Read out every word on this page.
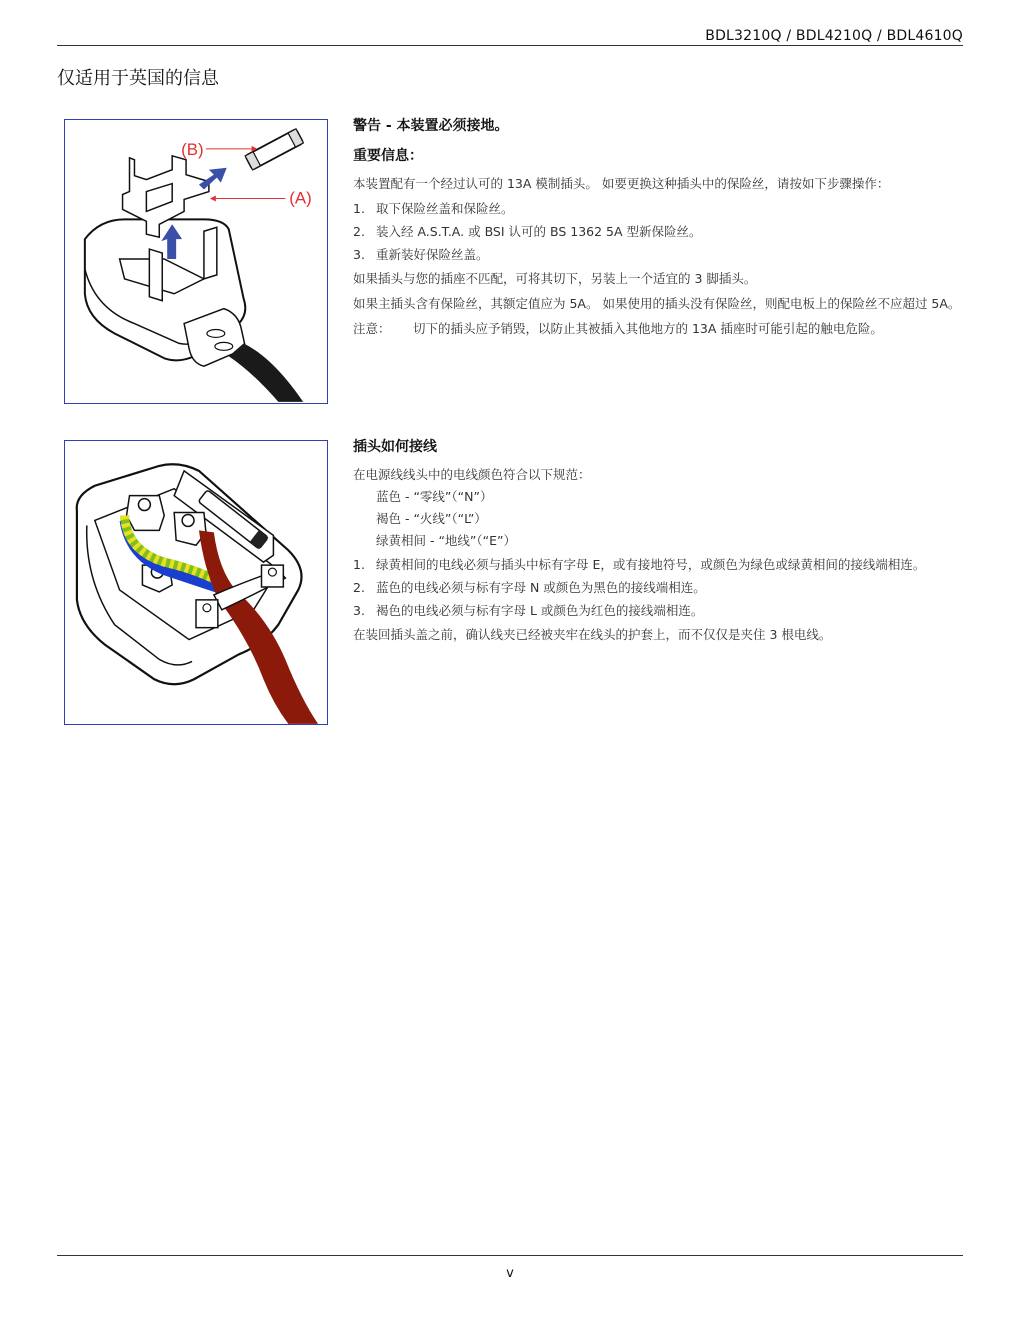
BDL3210Q / BDL4210Q / BDL4610Q
仅适用于英国的信息
(B)
(A)
警告 - 本装置必须接地。
重要信息：

本装置配有一个经过认可的 13A 模制插头。 如要更换这种插头中的保险丝，请按如下步骤操作：

1. 取下保险丝盖和保险丝。
2. 装入经 A.S.T.A. 或 BSI 认可的 BS 1362 5A 型新保险丝。
3. 重新装好保险丝盖。

如果插头与您的插座不匹配，可将其切下，另装上一个适宜的 3 脚插头。

如果主插头含有保险丝，其额定值应为 5A。 如果使用的插头没有保险丝，则配电板上的保险丝不应超过 5A。

注意：	切下的插头应予销毁，以防止其被插入其他地方的 13A 插座时可能引起的触电危险。
插头如何接线
在电源线线头中的电线颜色符合以下规范：
蓝色 - “零线”（“N”）
褐色 - “火线”（“L”）
绿黄相间 - “地线”（“E”）
1. 绿黄相间的电线必须与插头中标有字母 E，或有接地符号，或颜色为绿色或绿黄相间的接线端相连。
2. 蓝色的电线必须与标有字母 N 或颜色为黑色的接线端相连。
3. 褐色的电线必须与标有字母 L 或颜色为红色的接线端相连。

在装回插头盖之前，确认线夹已经被夹牢在线头的护套上，而不仅仅是夹住 3 根电线。

v
